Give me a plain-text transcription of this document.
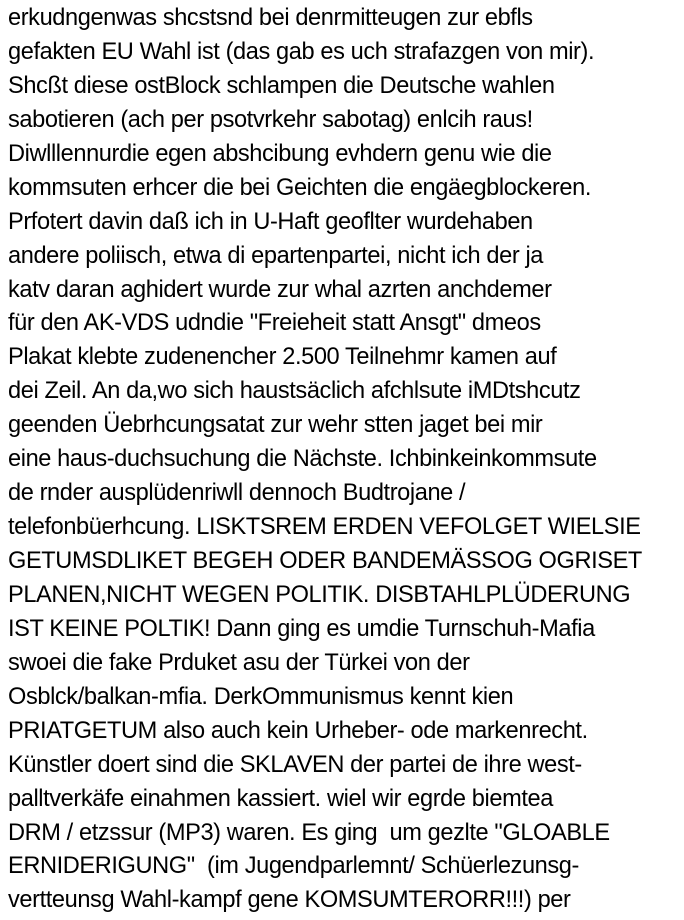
erkudngenwas shcstsnd bei denrmitteugen zur ebfls
gefakten EU Wahl ist (das gab es uch strafazgen von mir).
Shcßt diese ostBlock schlampen die Deutsche wahlen
sabotieren (ach per psotvrkehr sabotag) enlcih raus!
Diwlllennurdie egen abshcibung evhdern genu wie die
kommsuten erhcer die bei Geichten die engäegblockeren.
Prfotert davin daß ich in U-Haft geoflter wurdehaben
andere poliisch, etwa di epartenpartei, nicht ich der ja
katv daran aghidert wurde zur whal azrten anchdemer
für den AK-VDS udndie "Freieheit statt Ansgt" dmeos
Plakat klebte zudenencher 2.500 Teilnehmr kamen auf
dei Zeil. An da,wo sich haustsäclich afchlsute iMDtshcutz
geenden Üebrhcungsatat zur wehr stten jaget bei mir
eine haus-duchsuchung die Nächste. Ichbinkeinkommsute
de rnder ausplüdenriwll dennoch Budtrojane /
telefonbüerhcung. LISKTSREM ERDEN VEFOLGET WIELSIE
GETUMSDLIKET BEGEH ODER BANDEMÄSSOG OGRISET
PLANEN,NICHT WEGEN POLITIK. DISBTAHLPLÜDERUNG
IST KEINE POLTIK! Dann ging es umdie Turnschuh-Mafia
swoei die fake Prduket asu der Türkei von der
Osblck/balkan-mfia. DerkOmmunismus kennt kien
PRIATGETUM also auch kein Urheber- ode markenrecht.
Künstler doert sind die SKLAVEN der partei de ihre west-
palltverkäfe einahmen kassiert. wiel wir egrde biemtea
DRM / etzssur (MP3) waren. Es ging  um gezlte "GLOABLE
ERNIDERIGUNG"  (im Jugendparlemnt/ Schüerlezunsg-
vertteunsg Wahl-kampf gene KOMSUMTERORR!!!) per
